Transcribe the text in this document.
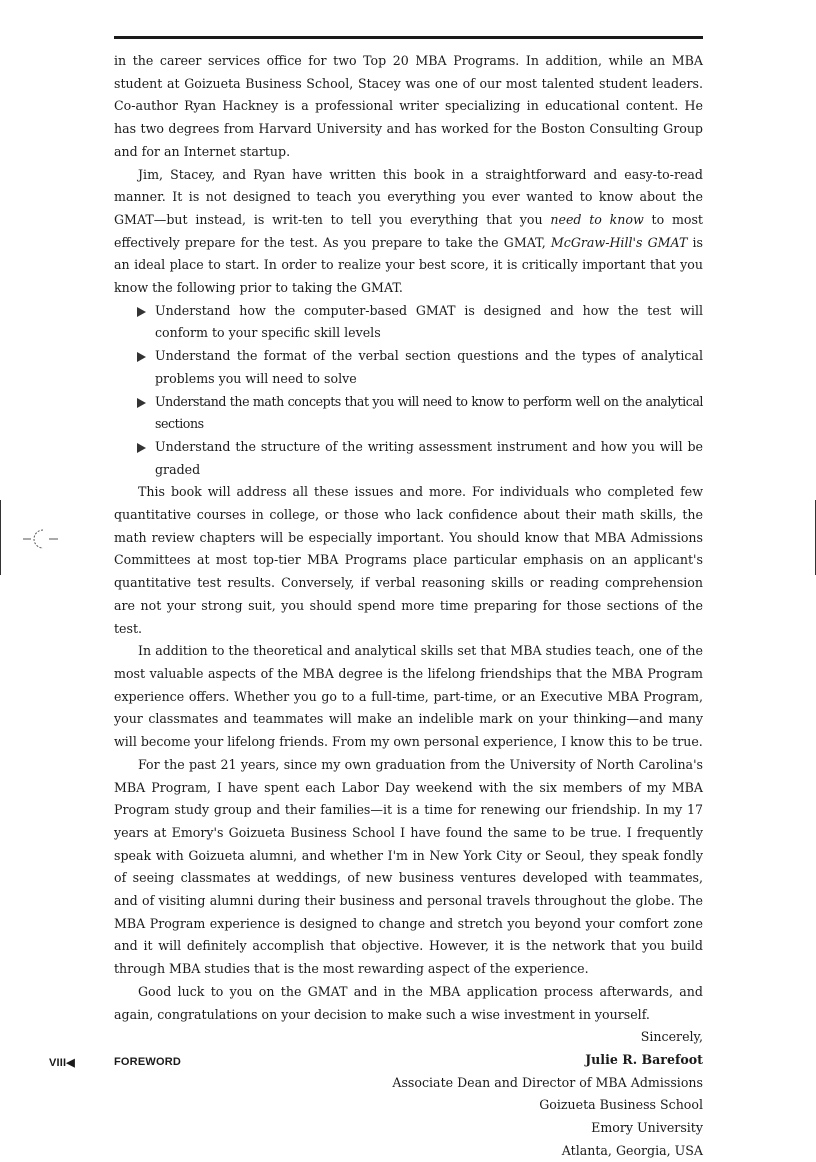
in the career services office for two Top 20 MBA Programs. In addition, while an MBA student at Goizueta Business School, Stacey was one of our most talented student leaders. Co-author Ryan Hackney is a professional writer specializing in educational content. He has two degrees from Harvard University and has worked for the Boston Consulting Group and for an Internet startup.

Jim, Stacey, and Ryan have written this book in a straightforward and easy-to-read manner. It is not designed to teach you everything you ever wanted to know about the GMAT—but instead, is writ-ten to tell you everything that you need to know to most effectively prepare for the test. As you prepare to take the GMAT, McGraw-Hill's GMAT is an ideal place to start. In order to realize your best score, it is critically important that you know the following prior to taking the GMAT.

Understand how the computer-based GMAT is designed and how the test will conform to your specific skill levels
Understand the format of the verbal section questions and the types of analytical problems you will need to solve
Understand the math concepts that you will need to know to perform well on the analytical sections
Understand the structure of the writing assessment instrument and how you will be graded

This book will address all these issues and more. For individuals who completed few quantitative courses in college, or those who lack confidence about their math skills, the math review chapters will be especially important. You should know that MBA Admissions Committees at most top-tier MBA Programs place particular emphasis on an applicant's quantitative test results. Conversely, if verbal reasoning skills or reading comprehension are not your strong suit, you should spend more time preparing for those sections of the test.

In addition to the theoretical and analytical skills set that MBA studies teach, one of the most valuable aspects of the MBA degree is the lifelong friendships that the MBA Program experience offers. Whether you go to a full-time, part-time, or an Executive MBA Program, your classmates and teammates will make an indelible mark on your thinking—and many will become your lifelong friends. From my own personal experience, I know this to be true.

For the past 21 years, since my own graduation from the University of North Carolina's MBA Program, I have spent each Labor Day weekend with the six members of my MBA Program study group and their families—it is a time for renewing our friendship. In my 17 years at Emory's Goizueta Business School I have found the same to be true. I frequently speak with Goizueta alumni, and whether I'm in New York City or Seoul, they speak fondly of seeing classmates at weddings, of new business ventures developed with teammates, and of visiting alumni during their business and personal travels throughout the globe. The MBA Program experience is designed to change and stretch you beyond your comfort zone and it will definitely accomplish that objective. However, it is the network that you build through MBA studies that is the most rewarding aspect of the experience.

Good luck to you on the GMAT and in the MBA application process afterwards, and again, congratulations on your decision to make such a wise investment in yourself.

Sincerely,
Julie R. Barefoot
Associate Dean and Director of MBA Admissions
Goizueta Business School
Emory University
Atlanta, Georgia, USA
VIII◀	FOREWORD
